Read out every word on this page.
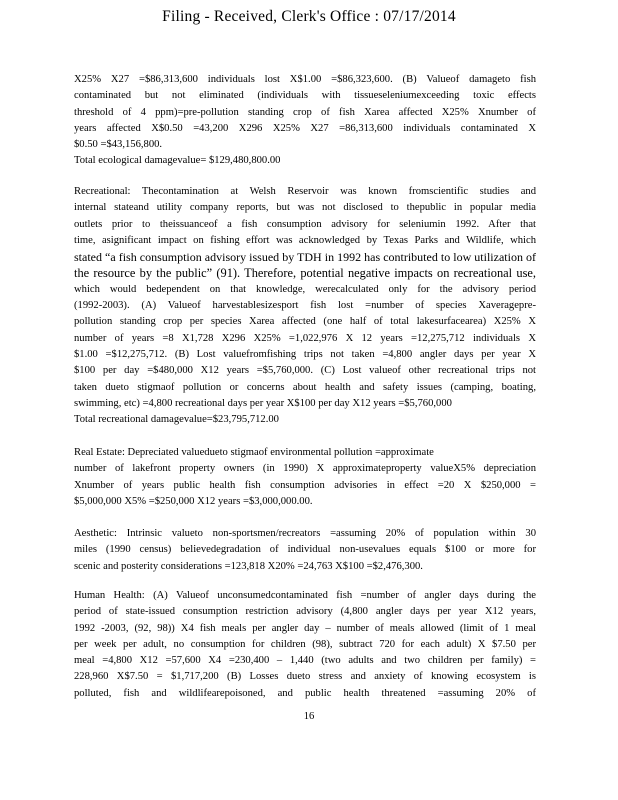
Filing - Received, Clerk's Office : 07/17/2014
X25% X27 =$86,313,600 individuals lost X$1.00 =$86,323,600. (B) Valueof damageto fish
contaminated but not eliminated (individuals with tissueseleniumexceeding toxic effects
threshold of 4 ppm)=pre-pollution standing crop of fish Xarea affected X25% Xnumber of
years affected X$0.50 =43,200 X296 X25% X27 =86,313,600 individuals contaminated X
$0.50 =$43,156,800.
Total ecological damagevalue= $129,480,800.00
Recreational: Thecontamination at Welsh Reservoir was known fromscientific studies and
internal stateand utility company reports, but was not disclosed to thepublic in popular media
outlets prior to theissuanceof a fish consumption advisory for seleniumin 1992. After that
time, asignificant impact on fishing effort was acknowledged by Texas Parks and Wildlife, which
stated “a fish consumption advisory issued by TDH in 1992 has contributed to low utilization of
the resource by the public” (91). Therefore, potential negative impacts on recreational use,
which would bedependent on that knowledge, werecalculated only for the advisory period
(1992-2003). (A) Valueof harvestablesizesport fish lost =number of species Xaveragepre-
pollution standing crop per species Xarea affected (one half of total lakesurfacearea) X25% X
number of years =8 X1,728 X296 X25% =1,022,976 X 12 years =12,275,712 individuals X
$1.00 =$12,275,712. (B) Lost valuefromfishing trips not taken =4,800 angler days per year X
$100 per day =$480,000 X12 years =$5,760,000. (C) Lost valueof other recreational trips not
taken dueto stigmaof pollution or concerns about health and safety issues (camping, boating,
swimming, etc) =4,800 recreational days per year X$100 per day X12 years =$5,760,000
Total recreational damagevalue=$23,795,712.00
Real Estate: Depreciated valuedueto stigmaof environmental pollution =approximate
number of lakefront property owners (in 1990) X approximateproperty valueX5% depreciation
Xnumber of years public health fish consumption advisories in effect =20 X $250,000 =
$5,000,000 X5% =$250,000 X12 years =$3,000,000.00.
Aesthetic: Intrinsic valueto non-sportsmen/recreators =assuming 20% of population within 30
miles (1990 census) believedegradation of individual non-usevalues equals $100 or more for
scenic and posterity considerations =123,818 X20% =24,763 X$100 =$2,476,300.
Human Health: (A) Valueof unconsumedcontaminated fish =number of angler days during the
period of state-issued consumption restriction advisory (4,800 angler days per year X12 years,
1992 -2003, (92, 98)) X4 fish meals per angler day – number of meals allowed (limit of 1 meal
per week per adult, no consumption for children (98), subtract 720 for each adult) X $7.50 per
meal =4,800 X12 =57,600 X4 =230,400 – 1,440 (two adults and two children per family) =
228,960 X$7.50 = $1,717,200 (B) Losses dueto stress and anxiety of knowing ecosystem is
polluted, fish and wildlifearepoisoned, and public health threatened =assuming 20% of
16
